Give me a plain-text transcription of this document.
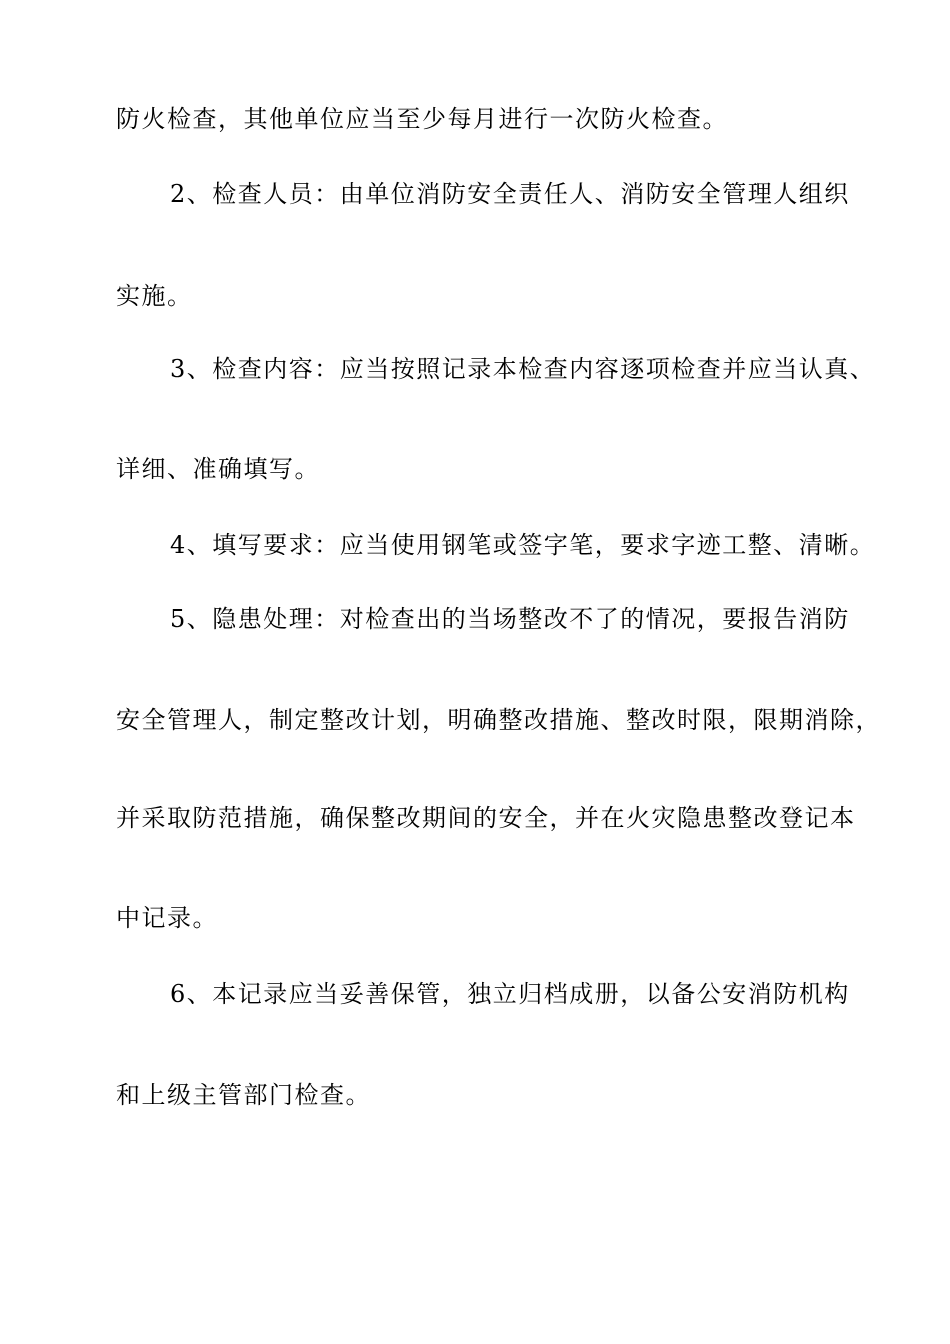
防火检查，其他单位应当至少每月进行一次防火检查。
2、检查人员：由单位消防安全责任人、消防安全管理人组织
实施。
3、检查内容：应当按照记录本检查内容逐项检查并应当认真、
详细、准确填写。
4、填写要求：应当使用钢笔或签字笔，要求字迹工整、清晰。
5、隐患处理：对检查出的当场整改不了的情况，要报告消防
安全管理人，制定整改计划，明确整改措施、整改时限，限期消除，
并采取防范措施，确保整改期间的安全，并在火灾隐患整改登记本
中记录。
6、本记录应当妥善保管，独立归档成册，以备公安消防机构
和上级主管部门检查。
